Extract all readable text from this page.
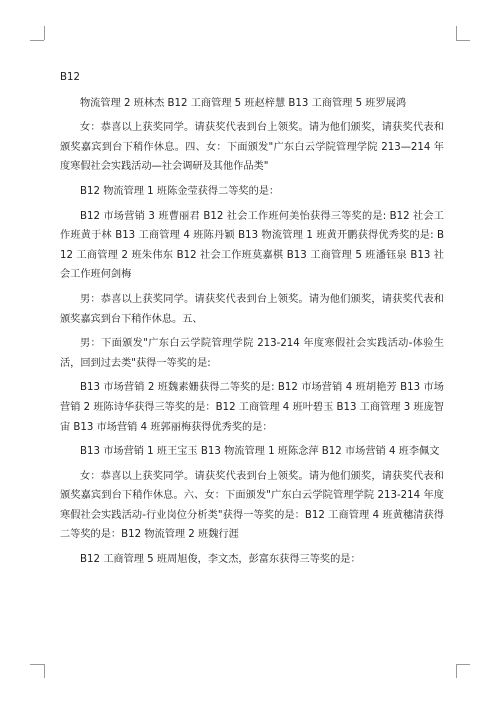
B12

物流管理 2 班林杰 B12 工商管理 5 班赵梓慧 B13 工商管理 5 班罗展鸿

女：恭喜以上获奖同学。请获奖代表到台上领奖。请为他们颁奖，请获奖代表和颁奖嘉宾到台下稍作休息。四、女：下面颁发"广东白云学院管理学院 213—214 年度寒假社会实践活动—社会调研及其他作品类"

B12 物流管理 1 班陈金莹获得二等奖的是：

B12 市场营销 3 班曹丽君 B12 社会工作班何美怡获得三等奖的是: B12 社会工作班黄于林 B13 工商管理 4 班陈丹颖 B13 物流管理 1 班黄开鹏获得优秀奖的是: B12 工商管理 2 班朱伟东 B12 社会工作班莫嘉棋 B13 工商管理 5 班潘钰泉 B13 社会工作班何剑梅

男：恭喜以上获奖同学。请获奖代表到台上领奖。请为他们颁奖，请获奖代表和颁奖嘉宾到台下稍作休息。五、

男：下面颁发"广东白云学院管理学院 213-214 年度寒假社会实践活动-体验生活，回到过去类"获得一等奖的是:

B13 市场营销 2 班魏素姗获得二等奖的是: B12 市场营销 4 班胡艳芳 B13 市场营销 2 班陈诗华获得三等奖的是：B12 工商管理 4 班叶碧玉 B13 工商管理 3 班庞智宙 B13 市场营销 4 班郭丽梅获得优秀奖的是：

B13 市场营销 1 班王宝玉 B13 物流管理 1 班陈念萍 B12 市场营销 4 班李佩文

女：恭喜以上获奖同学。请获奖代表到台上领奖。请为他们颁奖，请获奖代表和颁奖嘉宾到台下稍作休息。六、女：下面颁发"广东白云学院管理学院 213-214 年度寒假社会实践活动-行业岗位分析类"获得一等奖的是：B12 工商管理 4 班黄穗清获得二等奖的是：B12 物流管理 2 班魏行涯

B12 工商管理 5 班周旭俊，李文杰，彭富东获得三等奖的是：
